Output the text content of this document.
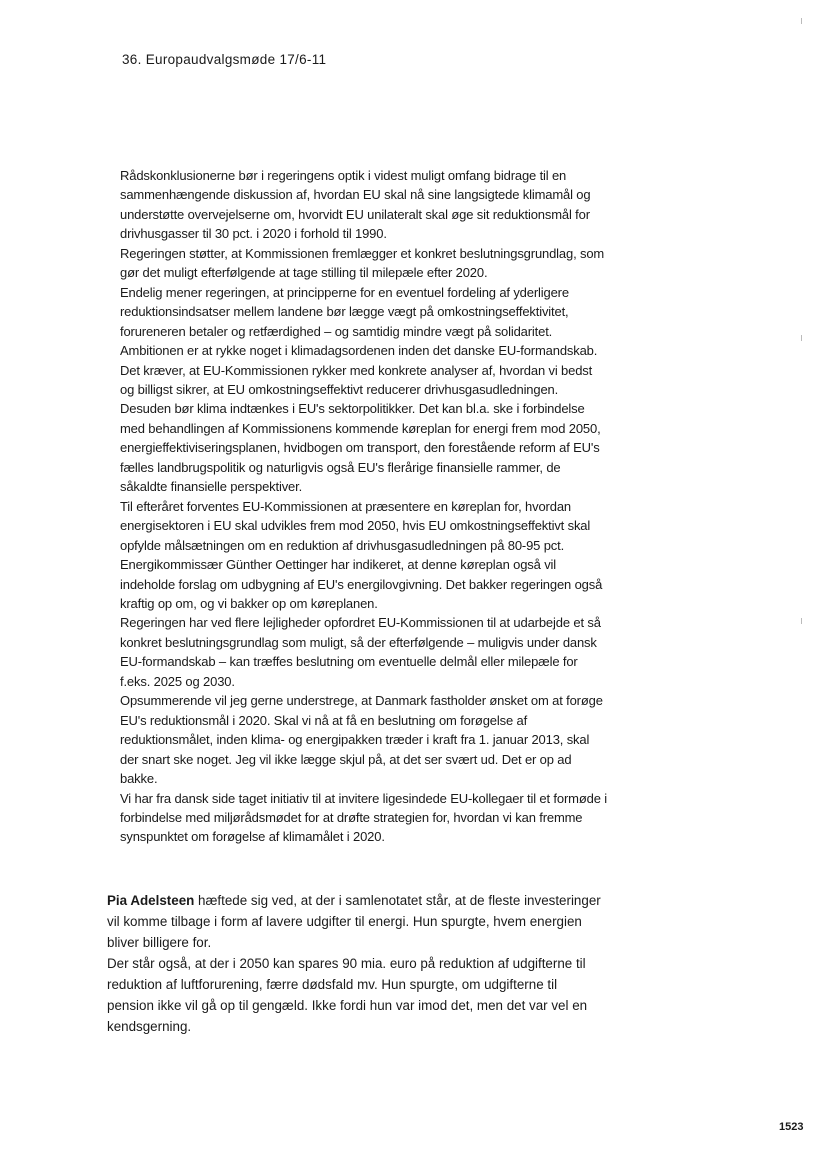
36. Europaudvalgsmøde 17/6-11

Rådskonklusionerne bør i regeringens optik i videst muligt omfang bidrage til en sammenhængende diskussion af, hvordan EU skal nå sine langsigtede klimamål og understøtte overvejelserne om, hvorvidt EU unilateralt skal øge sit reduktionsmål for drivhusgasser til 30 pct. i 2020 i forhold til 1990.

Regeringen støtter, at Kommissionen fremlægger et konkret beslutningsgrundlag, som gør det muligt efterfølgende at tage stilling til milepæle efter 2020.

Endelig mener regeringen, at principperne for en eventuel fordeling af yderligere reduktionsindsatser mellem landene bør lægge vægt på omkostningseffektivitet, forureneren betaler og retfærdighed – og samtidig mindre vægt på solidaritet.

Ambitionen er at rykke noget i klimadagsordenen inden det danske EU-formandskab. Det kræver, at EU-Kommissionen rykker med konkrete analyser af, hvordan vi bedst og billigst sikrer, at EU omkostningseffektivt reducerer drivhusgasudledningen. Desuden bør klima indtænkes i EU's sektorpolitikker. Det kan bl.a. ske i forbindelse med behandlingen af Kommissionens kommende køreplan for energi frem mod 2050, energieffektiviseringsplanen, hvidbogen om transport, den forestående reform af EU's fælles landbrugspolitik og naturligvis også EU's flerårige finansielle rammer, de såkaldte finansielle perspektiver.

Til efteråret forventes EU-Kommissionen at præsentere en køreplan for, hvordan energisektoren i EU skal udvikles frem mod 2050, hvis EU omkostningseffektivt skal opfylde målsætningen om en reduktion af drivhusgasudledningen på 80-95 pct. Energikommissær Günther Oettinger har indikeret, at denne køreplan også vil indeholde forslag om udbygning af EU's energilovgivning. Det bakker regeringen også kraftig op om, og vi bakker op om køreplanen.

Regeringen har ved flere lejligheder opfordret EU-Kommissionen til at udarbejde et så konkret beslutningsgrundlag som muligt, så der efterfølgende – muligvis under dansk EU-formandskab – kan træffes beslutning om eventuelle delmål eller milepæle for f.eks. 2025 og 2030.

Opsummerende vil jeg gerne understrege, at Danmark fastholder ønsket om at forøge EU's reduktionsmål i 2020. Skal vi nå at få en beslutning om forøgelse af reduktionsmålet, inden klima- og energipakken træder i kraft fra 1. januar 2013, skal der snart ske noget. Jeg vil ikke lægge skjul på, at det ser svært ud. Det er op ad bakke.

Vi har fra dansk side taget initiativ til at invitere ligesindede EU-kollegaer til et formøde i forbindelse med miljørådsmødet for at drøfte strategien for, hvordan vi kan fremme synspunktet om forøgelse af klimamålet i 2020.

Pia Adelsteen hæftede sig ved, at der i samlenotatet står, at de fleste investeringer vil komme tilbage i form af lavere udgifter til energi. Hun spurgte, hvem energien bliver billigere for.

Der står også, at der i 2050 kan spares 90 mia. euro på reduktion af udgifterne til reduktion af luftforurening, færre dødsfald mv. Hun spurgte, om udgifterne til pension ikke vil gå op til gengæld. Ikke fordi hun var imod det, men det var vel en kendsgerning.

1523
